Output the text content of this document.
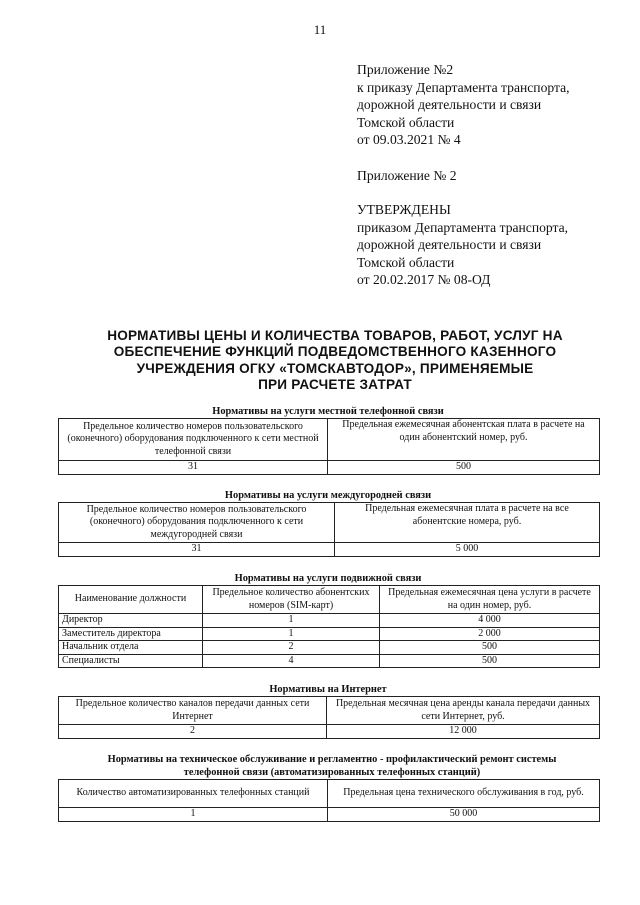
11
Приложение №2
к приказу Департамента транспорта,
дорожной деятельности и связи
Томской области
от 09.03.2021 № 4
Приложение № 2
УТВЕРЖДЕНЫ
приказом Департамента транспорта,
дорожной деятельности и связи
Томской области
от 20.02.2017 № 08-ОД
НОРМАТИВЫ ЦЕНЫ И КОЛИЧЕСТВА ТОВАРОВ, РАБОТ, УСЛУГ НА
ОБЕСПЕЧЕНИЕ ФУНКЦИЙ ПОДВЕДОМСТВЕННОГО КАЗЕННОГО
УЧРЕЖДЕНИЯ ОГКУ «ТОМСКАВТОДОР», ПРИМЕНЯЕМЫЕ
ПРИ РАСЧЕТЕ ЗАТРАТ
Нормативы на услуги местной телефонной связи
Предельное количество номеров пользовательского (оконечного) оборудования подключенного к сети местной телефонной связи	Предельная ежемесячная абонентская плата в расчете на один абонентский номер, руб.
31	500
Нормативы на услуги междугородней связи
Предельное количество номеров пользовательского (оконечного) оборудования подключенного к сети междугородней связи	Предельная ежемесячная плата в расчете на все абонентские номера, руб.
31	5 000
Нормативы на услуги подвижной связи
Наименование должности	Предельное количество абонентских номеров (SIM-карт)	Предельная ежемесячная цена услуги в расчете на один номер, руб.
Директор	1	4 000
Заместитель директора	1	2 000
Начальник отдела	2	500
Специалисты	4	500
Нормативы на Интернет
Предельное количество каналов передачи данных сети Интернет	Предельная месячная цена аренды канала передачи данных сети Интернет, руб.
2	12 000
Нормативы на техническое обслуживание и регламентно - профилактический ремонт системы
телефонной связи (автоматизированных телефонных станций)
Количество автоматизированных телефонных станций	Предельная цена технического обслуживания в год, руб.
1	50 000
